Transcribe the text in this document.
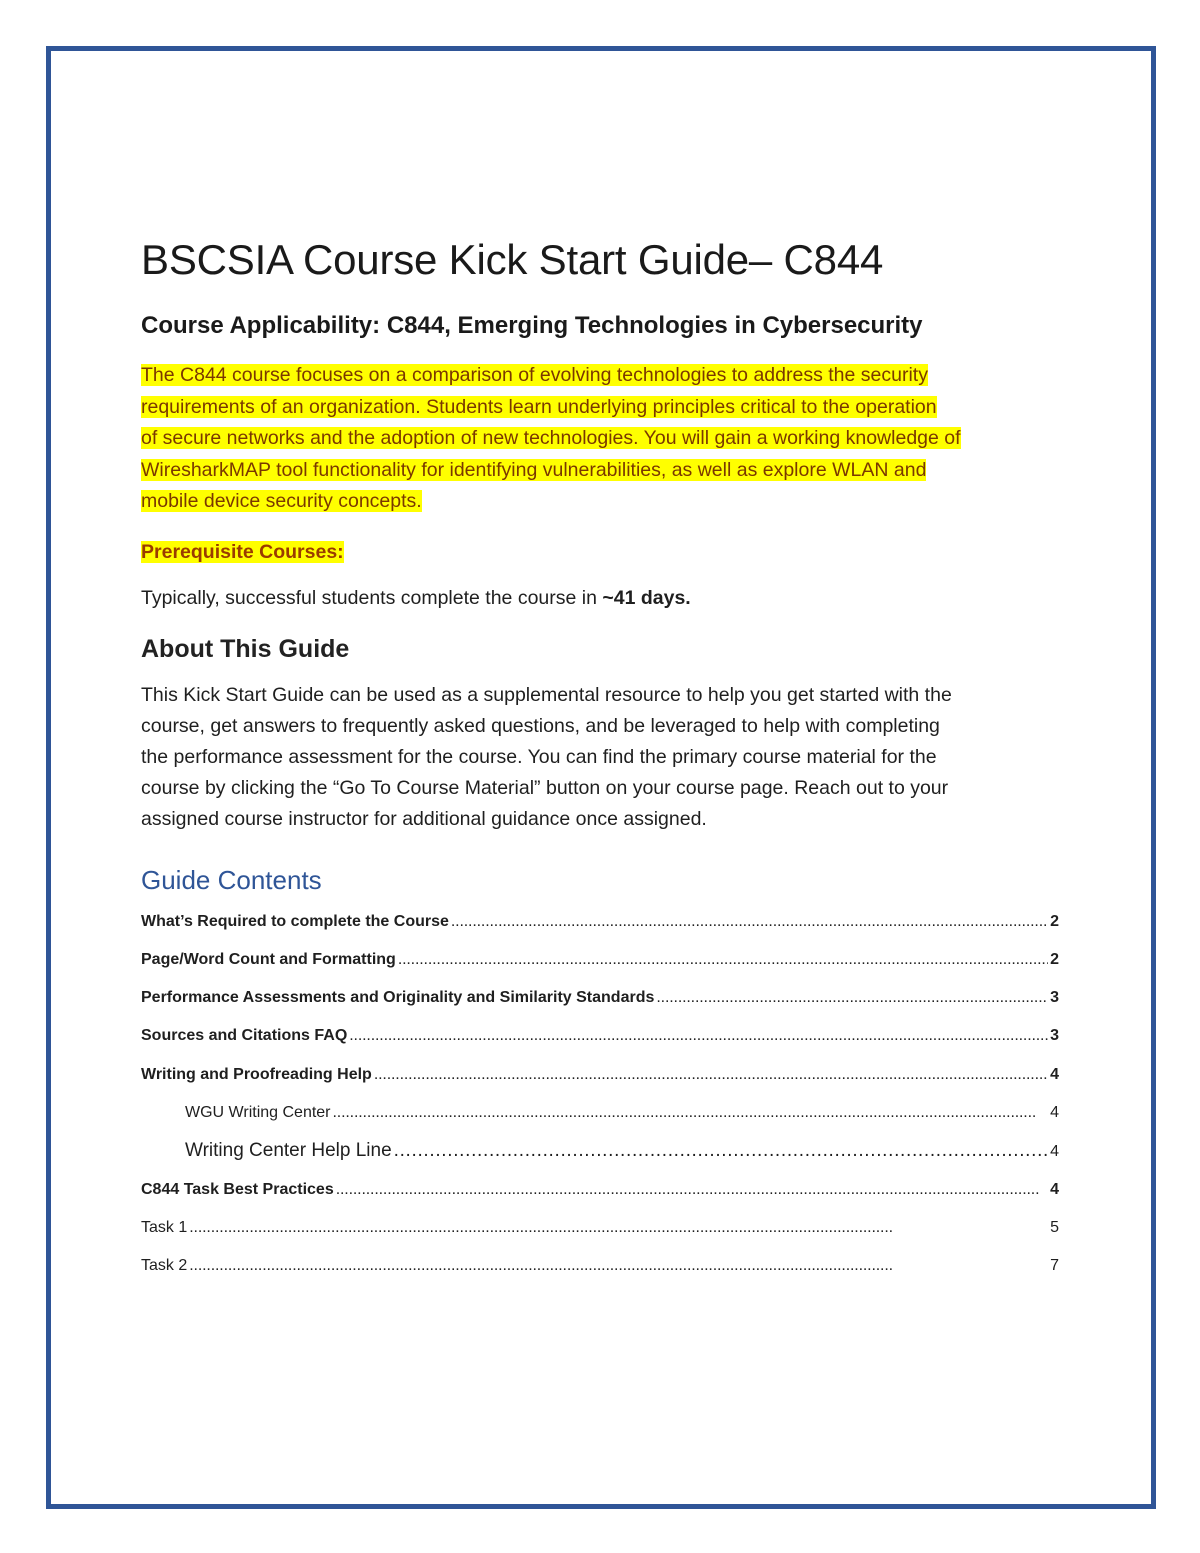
BSCSIA Course Kick Start Guide– C844
Course Applicability: C844, Emerging Technologies in Cybersecurity
The C844 course focuses on a comparison of evolving technologies to address the security
requirements of an organization. Students learn underlying principles critical to the operation
of secure networks and the adoption of new technologies. You will gain a working knowledge of
WiresharkMAP tool functionality for identifying vulnerabilities, as well as explore WLAN and
mobile device security concepts.
Prerequisite Courses:
Typically, successful students complete the course in ~41 days.
About This Guide
This Kick Start Guide can be used as a supplemental resource to help you get started with the
course, get answers to frequently asked questions, and be leveraged to help with completing
the performance assessment for the course. You can find the primary course material for the
course by clicking the “Go To Course Material” button on your course page. Reach out to your
assigned course instructor for additional guidance once assigned.
Guide Contents
What’s Required to complete the Course . . .	2
Page/Word Count and Formatting . . .	2
Performance Assessments and Originality and Similarity Standards . . .	3
Sources and Citations FAQ . . .	3
Writing and Proofreading Help . . .	4
WGU Writing Center . . .	4
Writing Center Help Line . . .	4
C844 Task Best Practices . . .	4
Task 1 . . .	5
Task 2 . . .	7
